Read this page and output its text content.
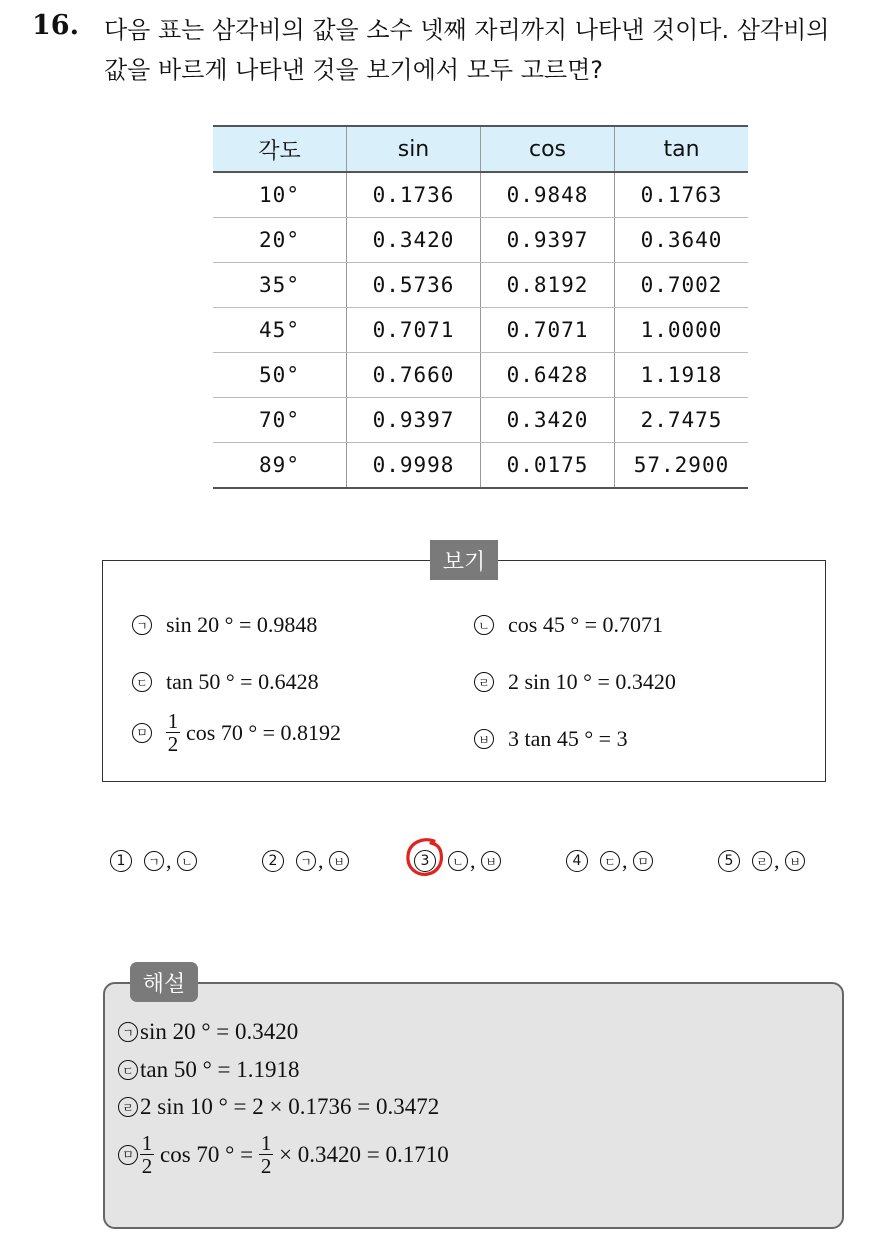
16. 다음 표는 삼각비의 값을 소수 넷째 자리까지 나타낸 것이다. 삼각비의
값을 바르게 나타낸 것을 보기에서 모두 고르면?
각도	sin	cos	tan
10°	0.1736	0.9848	0.1763
20°	0.3420	0.9397	0.3640
35°	0.5736	0.8192	0.7002
45°	0.7071	0.7071	1.0000
50°	0.7660	0.6428	1.1918
70°	0.9397	0.3420	2.7475
89°	0.9998	0.0175	57.2900
보기
ㄱ sin 20 ° = 0.9848	ㄴ cos 45 ° = 0.7071
ㄷ tan 50 ° = 0.6428	ㄹ 2 sin 10 ° = 0.3420
ㅁ $\frac{1}{2}$ cos 70 ° = 0.8192	ㅂ 3 tan 45 ° = 3
1	ㄱ , ㄴ	2	ㄱ , ㅂ	3	ㄴ , ㅂ	4	ㄷ , ㅁ	5	ㄹ , ㅂ
해설
ㄱ sin 20 ° = 0.3420
ㄷ tan 50 ° = 1.1918
ㄹ 2 sin 10 ° = 2 × 0.1736 = 0.3472
ㅁ $\frac{1}{2}$ cos 70 ° = $\frac{1}{2} \times 0.3420 = 0.1710$
